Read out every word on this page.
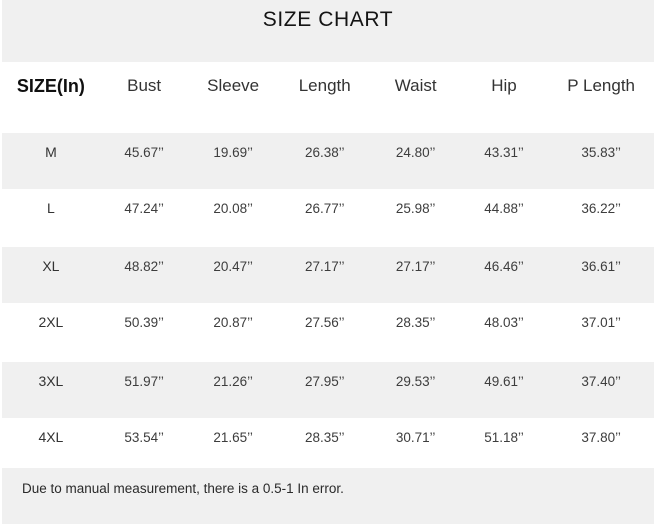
SIZE CHART
SIZE(In)	Bust	Sleeve	Length	Waist	Hip	P Length
M	45.67’’	19.69’’	26.38’’	24.80’’	43.31’’	35.83’’
L	47.24’’	20.08’’	26.77’’	25.98’’	44.88’’	36.22’’
XL	48.82’’	20.47’’	27.17’’	27.17’’	46.46’’	36.61’’
2XL	50.39’’	20.87’’	27.56’’	28.35’’	48.03’’	37.01’’
3XL	51.97’’	21.26’’	27.95’’	29.53’’	49.61’’	37.40’’
4XL	53.54’’	21.65’’	28.35’’	30.71’’	51.18’’	37.80’’
Due to manual measurement, there is a 0.5-1 In error.
